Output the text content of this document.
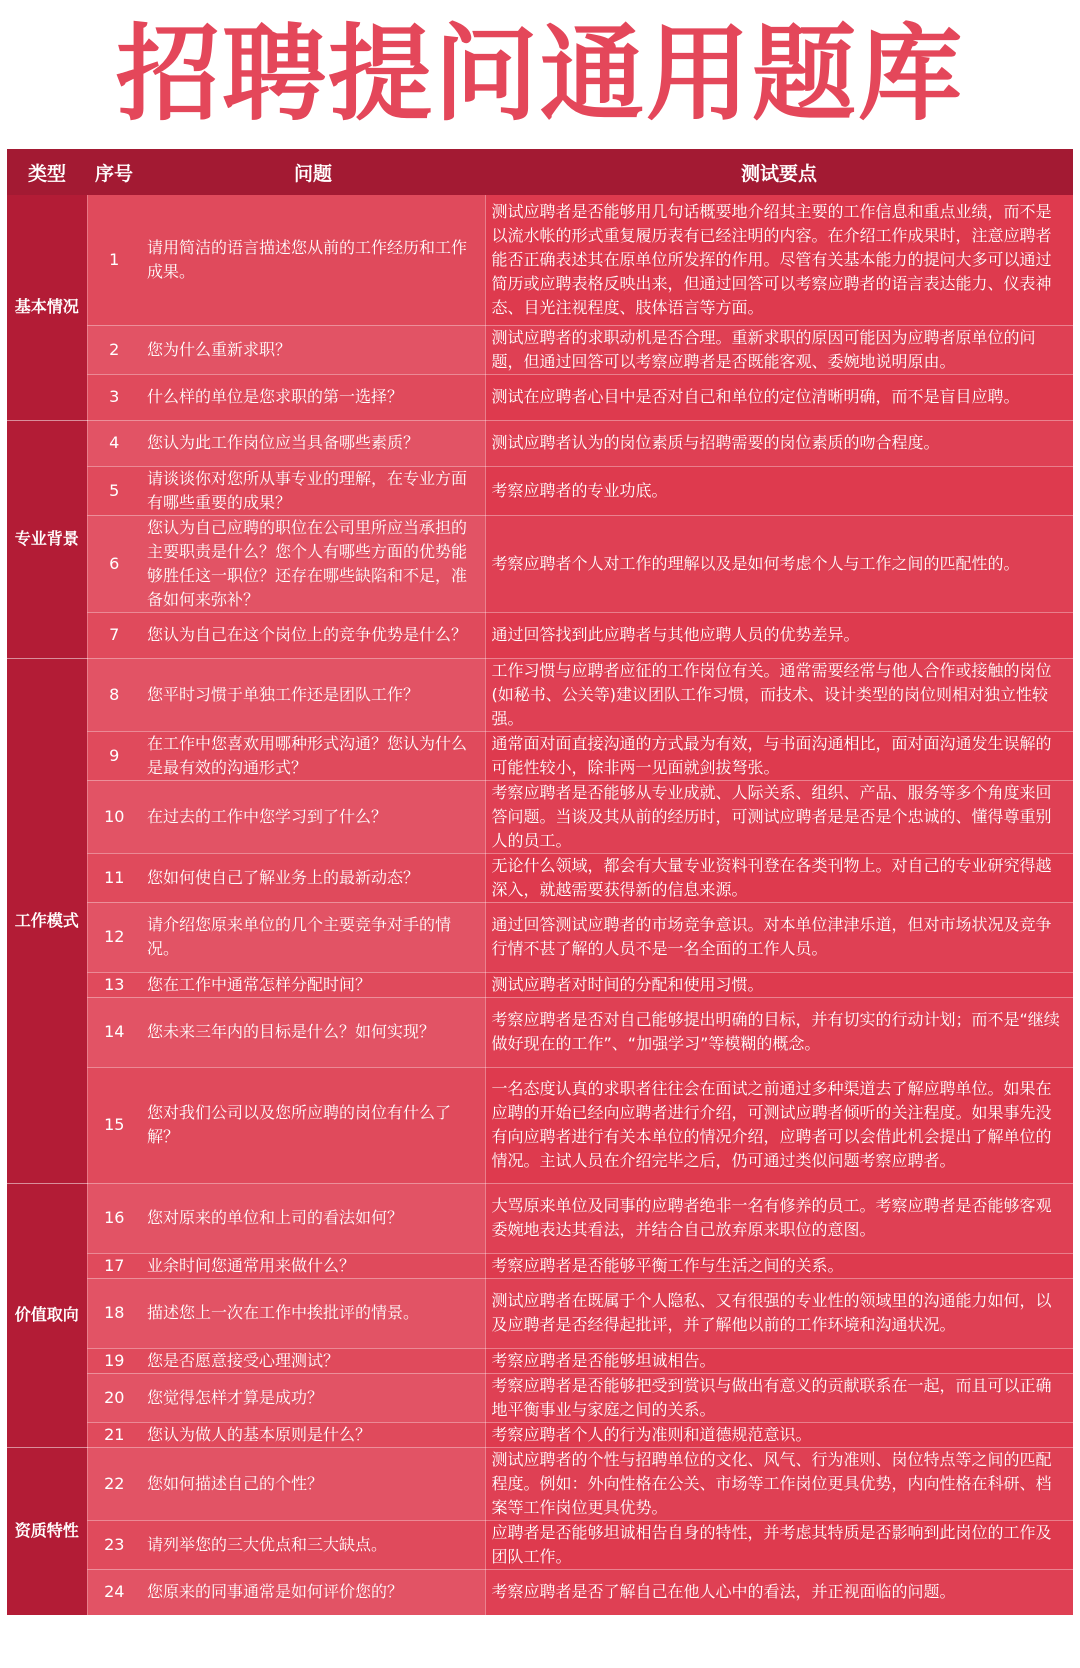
招聘提问通用题库
类型	序号	问题	测试要点
基本情况	1	请用简洁的语言描述您从前的工作经历和工作成果。	测试应聘者是否能够用几句话概要地介绍其主要的工作信息和重点业绩，而不是以流水帐的形式重复履历表有已经注明的内容。在介绍工作成果时，注意应聘者能否正确表述其在原单位所发挥的作用。尽管有关基本能力的提问大多可以通过简历或应聘表格反映出来，但通过回答可以考察应聘者的语言表达能力、仪表神态、目光注视程度、肢体语言等方面。
	2	您为什么重新求职？	测试应聘者的求职动机是否合理。重新求职的原因可能因为应聘者原单位的问题，但通过回答可以考察应聘者是否既能客观、委婉地说明原由。
	3	什么样的单位是您求职的第一选择？	测试在应聘者心目中是否对自己和单位的定位清晰明确，而不是盲目应聘。
专业背景	4	您认为此工作岗位应当具备哪些素质？	测试应聘者认为的岗位素质与招聘需要的岗位素质的吻合程度。
	5	请谈谈你对您所从事专业的理解，在专业方面有哪些重要的成果？	考察应聘者的专业功底。
	6	您认为自己应聘的职位在公司里所应当承担的主要职责是什么？您个人有哪些方面的优势能够胜任这一职位？还存在哪些缺陷和不足，准备如何来弥补？	考察应聘者个人对工作的理解以及是如何考虑个人与工作之间的匹配性的。
	7	您认为自己在这个岗位上的竞争优势是什么？	通过回答找到此应聘者与其他应聘人员的优势差异。
工作模式	8	您平时习惯于单独工作还是团队工作？	工作习惯与应聘者应征的工作岗位有关。通常需要经常与他人合作或接触的岗位(如秘书、公关等)建议团队工作习惯，而技术、设计类型的岗位则相对独立性较强。
	9	在工作中您喜欢用哪种形式沟通？您认为什么是最有效的沟通形式？	通常面对面直接沟通的方式最为有效，与书面沟通相比，面对面沟通发生误解的可能性较小，除非两一见面就剑拔弩张。
	10	在过去的工作中您学习到了什么？	考察应聘者是否能够从专业成就、人际关系、组织、产品、服务等多个角度来回答问题。当谈及其从前的经历时，可测试应聘者是是否是个忠诚的、懂得尊重别人的员工。
	11	您如何使自己了解业务上的最新动态？	无论什么领域，都会有大量专业资料刊登在各类刊物上。对自己的专业研究得越深入，就越需要获得新的信息来源。
	12	请介绍您原来单位的几个主要竞争对手的情况。	通过回答测试应聘者的市场竞争意识。对本单位津津乐道，但对市场状况及竞争行情不甚了解的人员不是一名全面的工作人员。
	13	您在工作中通常怎样分配时间？	测试应聘者对时间的分配和使用习惯。
	14	您未来三年内的目标是什么？如何实现？	考察应聘者是否对自己能够提出明确的目标，并有切实的行动计划；而不是“继续做好现在的工作”、“加强学习”等模糊的概念。
	15	您对我们公司以及您所应聘的岗位有什么了解？	一名态度认真的求职者往往会在面试之前通过多种渠道去了解应聘单位。如果在应聘的开始已经向应聘者进行介绍，可测试应聘者倾听的关注程度。如果事先没有向应聘者进行有关本单位的情况介绍，应聘者可以会借此机会提出了解单位的情况。主试人员在介绍完毕之后，仍可通过类似问题考察应聘者。
价值取向	16	您对原来的单位和上司的看法如何？	大骂原来单位及同事的应聘者绝非一名有修养的员工。考察应聘者是否能够客观委婉地表达其看法，并结合自己放弃原来职位的意图。
	17	业余时间您通常用来做什么？	考察应聘者是否能够平衡工作与生活之间的关系。
	18	描述您上一次在工作中挨批评的情景。	测试应聘者在既属于个人隐私、又有很强的专业性的领域里的沟通能力如何，以及应聘者是否经得起批评，并了解他以前的工作环境和沟通状况。
	19	您是否愿意接受心理测试？	考察应聘者是否能够坦诚相告。
	20	您觉得怎样才算是成功？	考察应聘者是否能够把受到赏识与做出有意义的贡献联系在一起，而且可以正确地平衡事业与家庭之间的关系。
	21	您认为做人的基本原则是什么？	考察应聘者个人的行为准则和道德规范意识。
资质特性	22	您如何描述自己的个性？	测试应聘者的个性与招聘单位的文化、风气、行为准则、岗位特点等之间的匹配程度。例如：外向性格在公关、市场等工作岗位更具优势，内向性格在科研、档案等工作岗位更具优势。
	23	请列举您的三大优点和三大缺点。	应聘者是否能够坦诚相告自身的特性，并考虑其特质是否影响到此岗位的工作及团队工作。
	24	您原来的同事通常是如何评价您的？	考察应聘者是否了解自己在他人心中的看法，并正视面临的问题。
